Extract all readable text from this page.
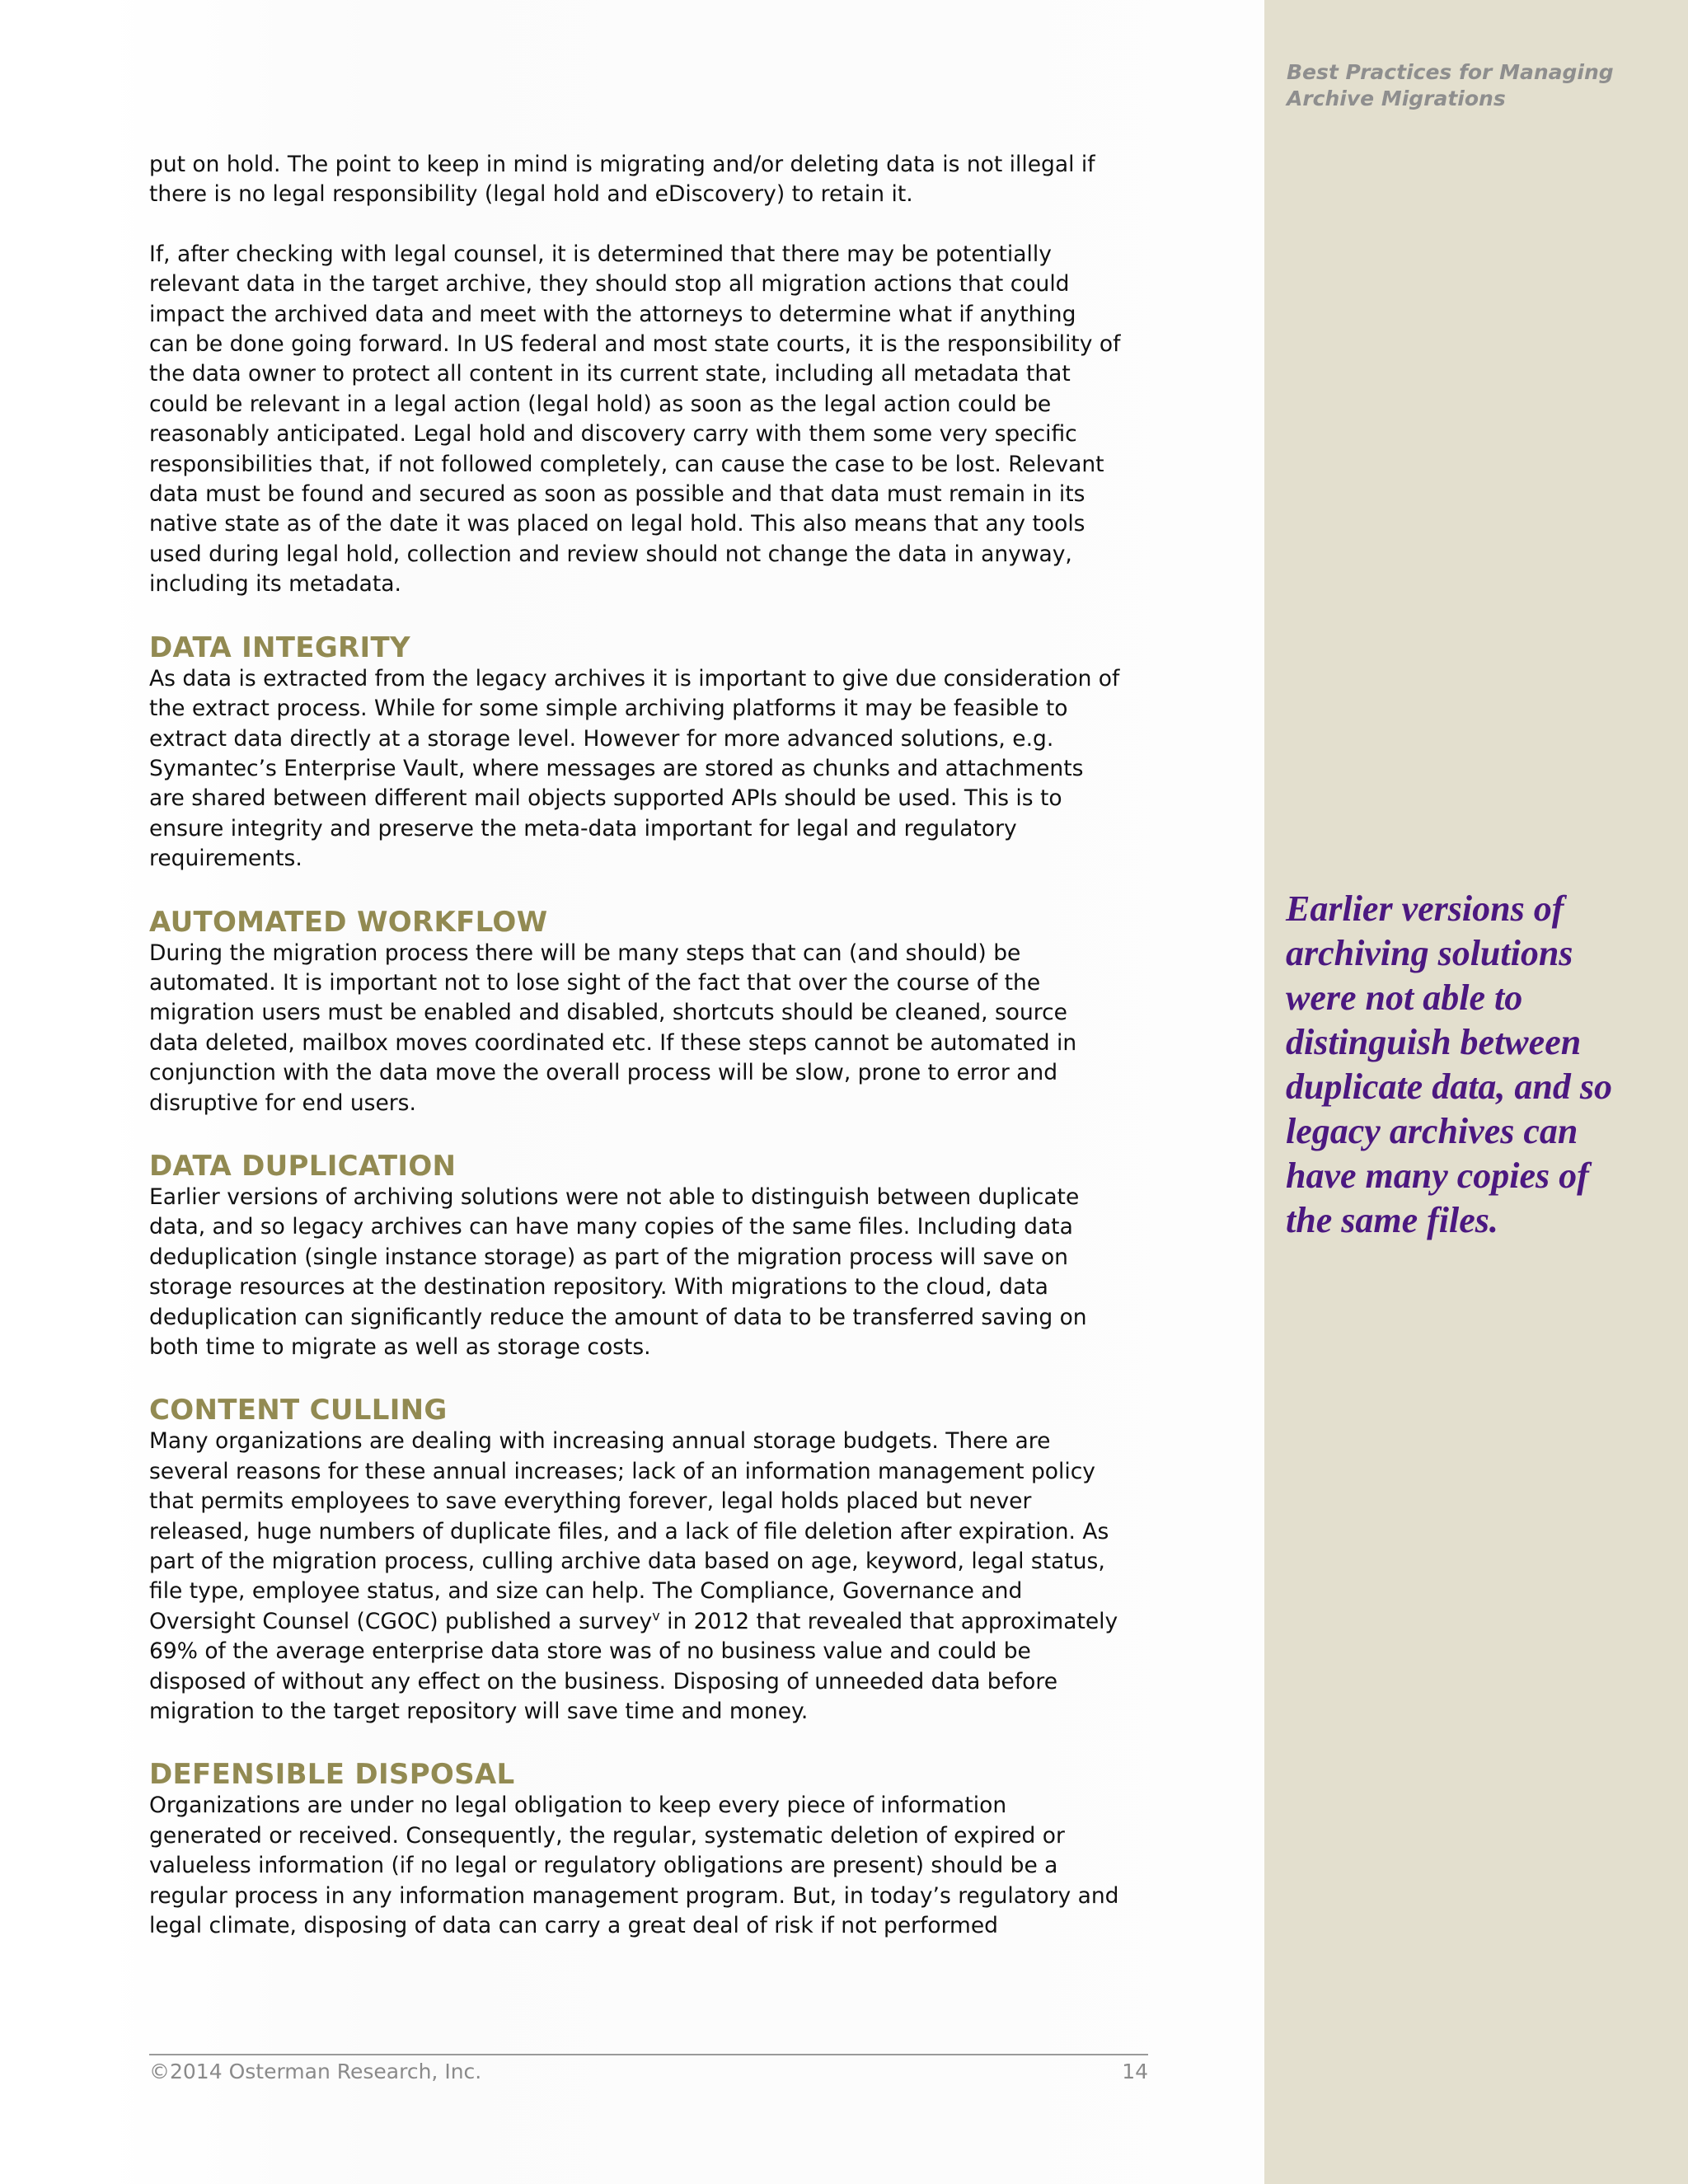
Best Practices for Managing
Archive Migrations

Earlier versions of archiving solutions were not able to distinguish between duplicate data, and so legacy archives can have many copies of the same files.

put on hold. The point to keep in mind is migrating and/or deleting data is not illegal if there is no legal responsibility (legal hold and eDiscovery) to retain it.

If, after checking with legal counsel, it is determined that there may be potentially relevant data in the target archive, they should stop all migration actions that could impact the archived data and meet with the attorneys to determine what if anything can be done going forward. In US federal and most state courts, it is the responsibility of the data owner to protect all content in its current state, including all metadata that could be relevant in a legal action (legal hold) as soon as the legal action could be reasonably anticipated. Legal hold and discovery carry with them some very specific responsibilities that, if not followed completely, can cause the case to be lost. Relevant data must be found and secured as soon as possible and that data must remain in its native state as of the date it was placed on legal hold. This also means that any tools used during legal hold, collection and review should not change the data in anyway, including its metadata.

DATA INTEGRITY

As data is extracted from the legacy archives it is important to give due consideration of the extract process. While for some simple archiving platforms it may be feasible to extract data directly at a storage level. However for more advanced solutions, e.g. Symantec’s Enterprise Vault, where messages are stored as chunks and attachments are shared between different mail objects supported APIs should be used. This is to ensure integrity and preserve the meta-data important for legal and regulatory requirements.

AUTOMATED WORKFLOW

During the migration process there will be many steps that can (and should) be automated. It is important not to lose sight of the fact that over the course of the migration users must be enabled and disabled, shortcuts should be cleaned, source data deleted, mailbox moves coordinated etc. If these steps cannot be automated in conjunction with the data move the overall process will be slow, prone to error and disruptive for end users.

DATA DUPLICATION

Earlier versions of archiving solutions were not able to distinguish between duplicate data, and so legacy archives can have many copies of the same files. Including data deduplication (single instance storage) as part of the migration process will save on storage resources at the destination repository. With migrations to the cloud, data deduplication can significantly reduce the amount of data to be transferred saving on both time to migrate as well as storage costs.

CONTENT CULLING

Many organizations are dealing with increasing annual storage budgets. There are several reasons for these annual increases; lack of an information management policy that permits employees to save everything forever, legal holds placed but never released, huge numbers of duplicate files, and a lack of file deletion after expiration. As part of the migration process, culling archive data based on age, keyword, legal status, file type, employee status, and size can help. The Compliance, Governance and Oversight Counsel (CGOC) published a survey$^v$ in 2012 that revealed that approximately 69% of the average enterprise data store was of no business value and could be disposed of without any effect on the business. Disposing of unneeded data before migration to the target repository will save time and money.

DEFENSIBLE DISPOSAL

Organizations are under no legal obligation to keep every piece of information generated or received. Consequently, the regular, systematic deletion of expired or valueless information (if no legal or regulatory obligations are present) should be a regular process in any information management program. But, in today’s regulatory and legal climate, disposing of data can carry a great deal of risk if not performed

©2014 Osterman Research, Inc.	14
